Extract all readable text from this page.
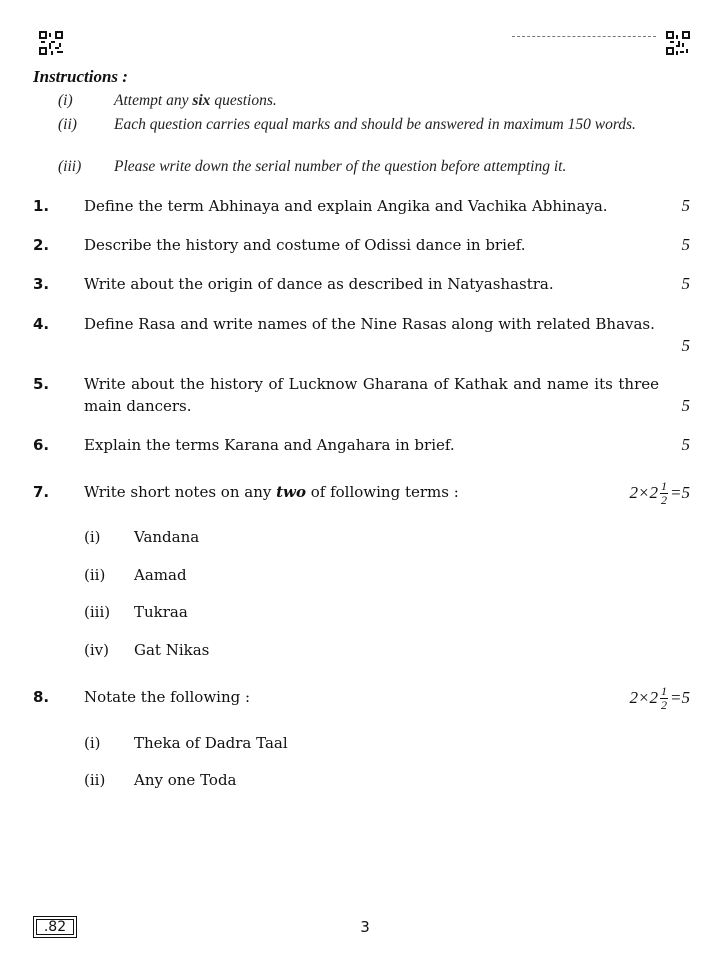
Instructions :
(i)	Attempt any six questions.
(ii) Each question carries equal marks and should be answered in maximum 150 words.
(iii) Please write down the serial number of the question before attempting it.
1. Define the term Abhinaya and explain Angika and Vachika Abhinaya.	5
2. Describe the history and costume of Odissi dance in brief.	5
3. Write about the origin of dance as described in Natyashastra.	5
4. Define Rasa and write names of the Nine Rasas along with related Bhavas.
5
5. Write about the history of Lucknow Gharana of Kathak and name its three main dancers.	5
6. Explain the terms Karana and Angahara in brief.	5
7. Write short notes on any two of following terms :	$2\times 2 \frac{1}{2} =5$
(i) Vandana
(ii) Aamad
(iii) Tukraa
(iv) Gat Nikas
8. Notate the following :	$2\times 2 \frac{1}{2} =5$
(i) Theka of Dadra Taal
(ii) Any one Toda
.82	3
